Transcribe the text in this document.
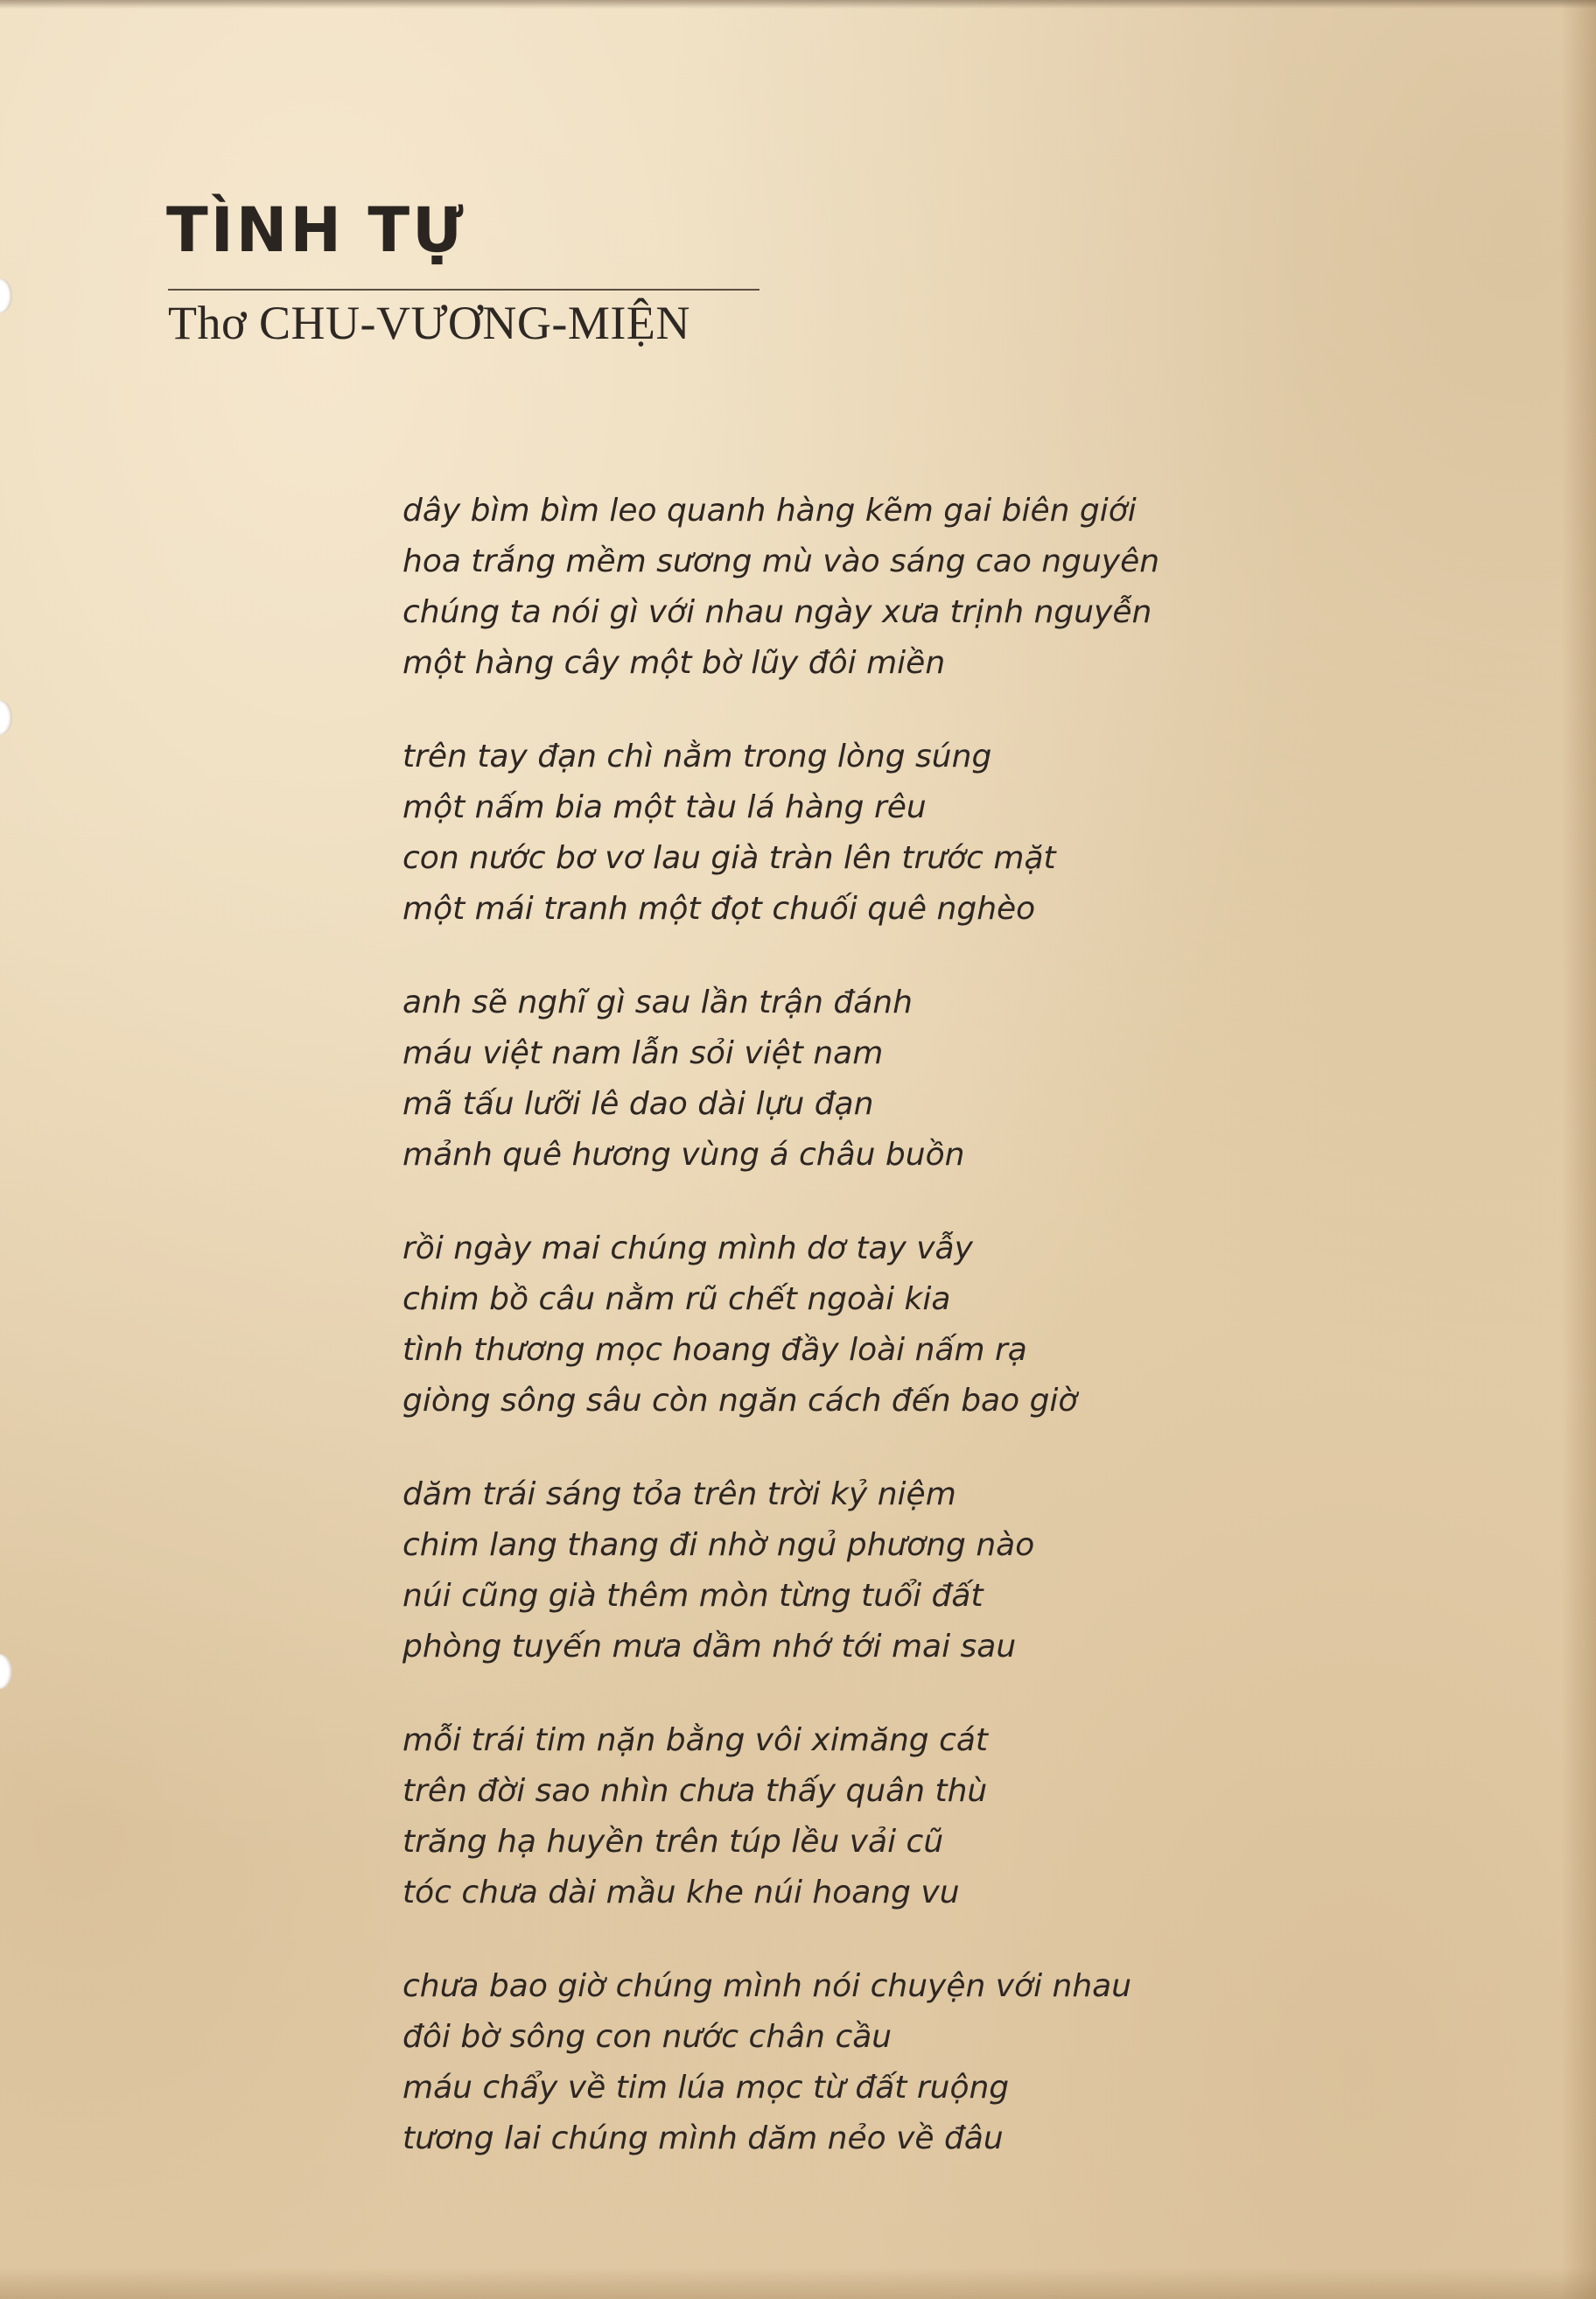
TÌNH TỰ
Thơ CHU-VƯƠNG-MIỆN
dây bìm bìm leo quanh hàng kẽm gai biên giới
hoa trắng mềm sương mù vào sáng cao nguyên
chúng ta nói gì với nhau ngày xưa trịnh nguyễn
một hàng cây một bờ lũy đôi miền
trên tay đạn chì nằm trong lòng súng
một nấm bia một tàu lá hàng rêu
con nước bơ vơ lau già tràn lên trước mặt
một mái tranh một đọt chuối quê nghèo
anh sẽ nghĩ gì sau lần trận đánh
máu việt nam lẫn sỏi việt nam
mã tấu lưỡi lê dao dài lựu đạn
mảnh quê hương vùng á châu buồn
rồi ngày mai chúng mình dơ tay vẫy
chim bồ câu nằm rũ chết ngoài kia
tình thương mọc hoang đầy loài nấm rạ
giòng sông sâu còn ngăn cách đến bao giờ
dăm trái sáng tỏa trên trời kỷ niệm
chim lang thang đi nhờ ngủ phương nào
núi cũng già thêm mòn từng tuổi đất
phòng tuyến mưa dầm nhớ tới mai sau
mỗi trái tim nặn bằng vôi ximăng cát
trên đời sao nhìn chưa thấy quân thù
trăng hạ huyền trên túp lều vải cũ
tóc chưa dài mầu khe núi hoang vu
chưa bao giờ chúng mình nói chuyện với nhau
đôi bờ sông con nước chân cầu
máu chẩy về tim lúa mọc từ đất ruộng
tương lai chúng mình dăm nẻo về đâu
